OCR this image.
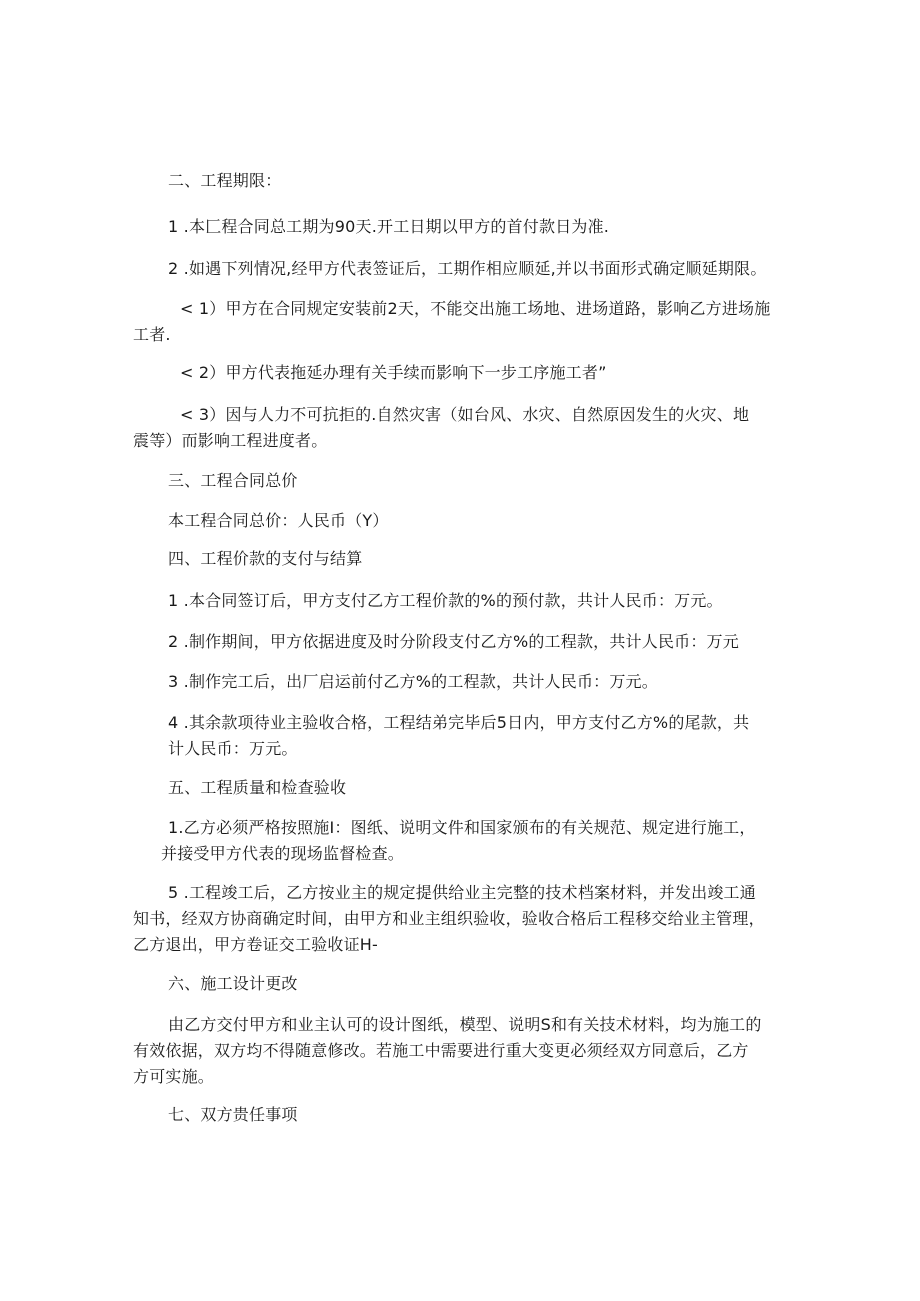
二、工程期限：
1 .本匚程合同总工期为90天.开工日期以甲方的首付款日为准.
2 .如遇下列情况,经甲方代表签证后，工期作相应顺延,并以书面形式确定顺延期限。
< 1）甲方在合同规定安装前2天，不能交出施工场地、进场道路，影响乙方进场施
工者.
< 2）甲方代表拖延办理有关手续而影响下一步工序施工者”
< 3）因与人力不可抗拒的.自然灾害（如台风、水灾、自然原因发生的火灾、地
震等）而影响工程进度者。
三、工程合同总价
本工程合同总价：人民币（Y）
四、工程价款的支付与结算
1 .本合同签订后，甲方支付乙方工程价款的%的预付款，共计人民币：万元。
2 .制作期间，甲方依据进度及时分阶段支付乙方%的工程款，共计人民币：万元
3 .制作完工后，出厂启运前付乙方%的工程款，共计人民币：万元。
4 .其余款项待业主验收合格，工程结弟完毕后5日内，甲方支付乙方%的尾款，共
计人民币：万元。
五、工程质量和检查验收
1.乙方必须严格按照施I：图纸、说明文件和国家颁布的有关规范、规定进行施工，
并接受甲方代表的现场监督检查。
5 .工程竣工后，乙方按业主的规定提供给业主完整的技术档案材料，并发出竣工通
知书，经双方协商确定时间，由甲方和业主组织验收，验收合格后工程移交给业主管理，
乙方退出，甲方卷证交工验收证H-
六、施工设计更改
由乙方交付甲方和业主认可的设计图纸，模型、说明S和有关技术材料，均为施工的
有效依据，双方均不得随意修改。若施工中需要进行重大变更必须经双方同意后，乙方
方可实施。
七、双方贵任事项
